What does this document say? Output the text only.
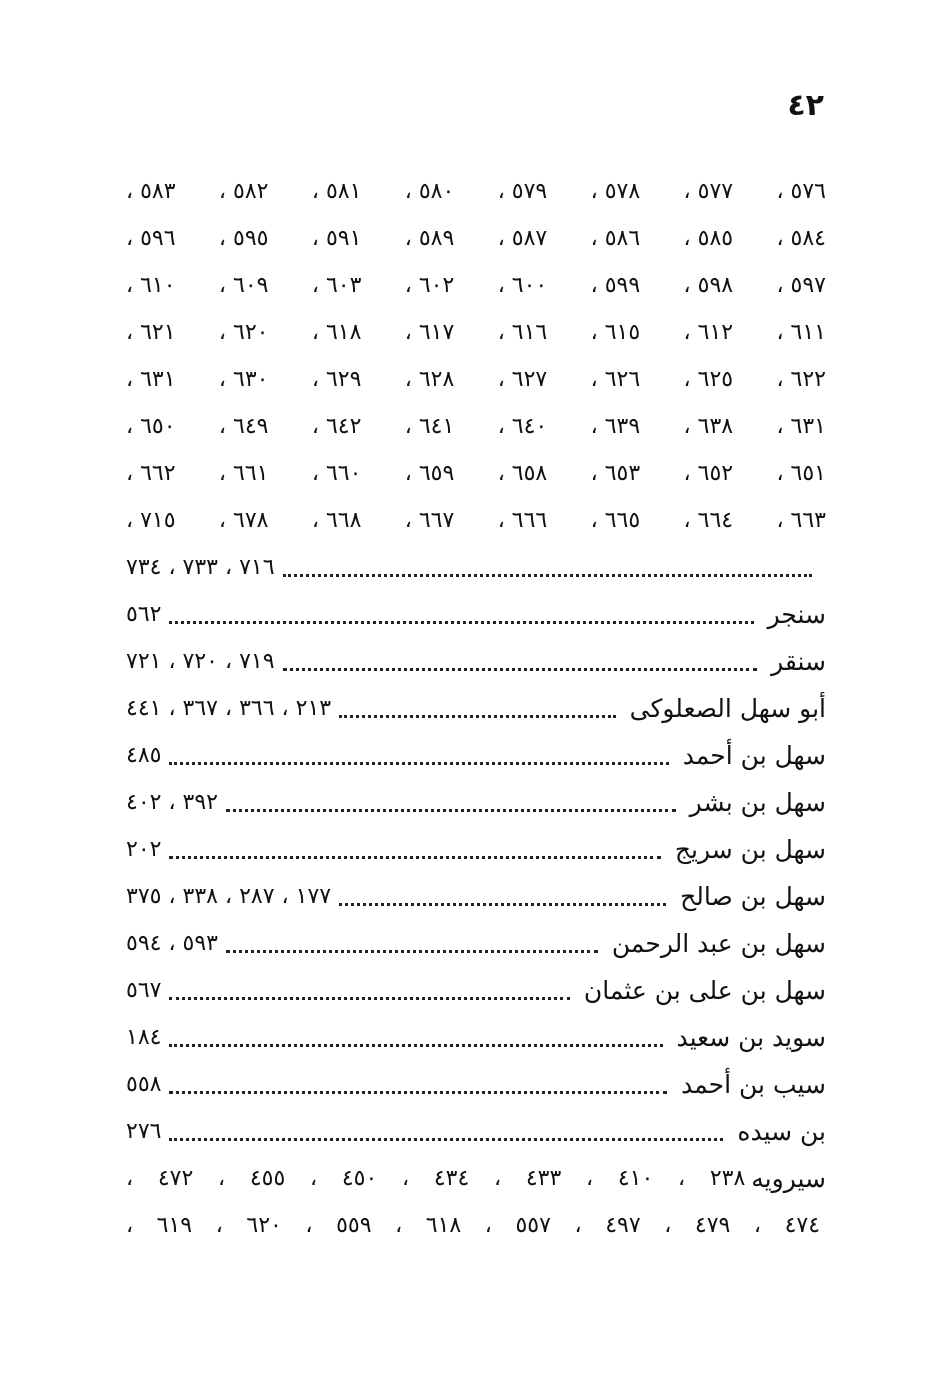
٤٢
٥٧٦ ،
٥٧٧ ،
٥٧٨ ،
٥٧٩ ،
٥٨٠ ،
٥٨١ ،
٥٨٢ ،
٥٨٣ ،
٥٨٤ ،
٥٨٥ ،
٥٨٦ ،
٥٨٧ ،
٥٨٩ ،
٥٩١ ،
٥٩٥ ،
٥٩٦ ،
٥٩٧ ،
٥٩٨ ،
٥٩٩ ،
٦٠٠ ،
٦٠٢ ،
٦٠٣ ،
٦٠٩ ،
٦١٠ ،
٦١١ ،
٦١٢ ،
٦١٥ ،
٦١٦ ،
٦١٧ ،
٦١٨ ،
٦٢٠ ،
٦٢١ ،
٦٢٢ ،
٦٢٥ ،
٦٢٦ ،
٦٢٧ ،
٦٢٨ ،
٦٢٩ ،
٦٣٠ ،
٦٣١ ،
٦٣١ ،
٦٣٨ ،
٦٣٩ ،
٦٤٠ ،
٦٤١ ،
٦٤٢ ،
٦٤٩ ،
٦٥٠ ،
٦٥١ ،
٦٥٢ ،
٦٥٣ ،
٦٥٨ ،
٦٥٩ ،
٦٦٠ ،
٦٦١ ،
٦٦٢ ،
٦٦٣ ،
٦٦٤ ،
٦٦٥ ،
٦٦٦ ،
٦٦٧ ،
٦٦٨ ،
٦٧٨ ،
٧١٥ ،
٧١٦ ، ٧٣٣ ، ٧٣٤
سنجر
٥٦٢
سنقر
٧١٩ ، ٧٢٠ ، ٧٢١
أبو سهل الصعلوكى
٢١٣ ، ٣٦٦ ، ٣٦٧ ، ٤٤١
سهل بن أحمد
٤٨٥
سهل بن بشر
٣٩٢ ، ٤٠٢
سهل بن سريج
٢٠٢
سهل بن صالح
١٧٧ ، ٢٨٧ ، ٣٣٨ ، ٣٧٥
سهل بن عبد الرحمن
٥٩٣ ، ٥٩٤
سهل بن على بن عثمان
٥٦٧
سويد بن سعيد
١٨٤
سيب بن أحمد
٥٥٨
بن سيده
٢٧٦
سيرويه
٢٣٨ ، ٤١٠ ، ٤٣٣ ، ٤٣٤ ، ٤٥٠ ، ٤٥٥ ، ٤٧٢ ،
٤٧٤ ، ٤٧٩ ، ٤٩٧ ، ٥٥٧ ، ٦١٨ ، ٥٥٩ ، ٦٢٠ ، ٦١٩ ،
